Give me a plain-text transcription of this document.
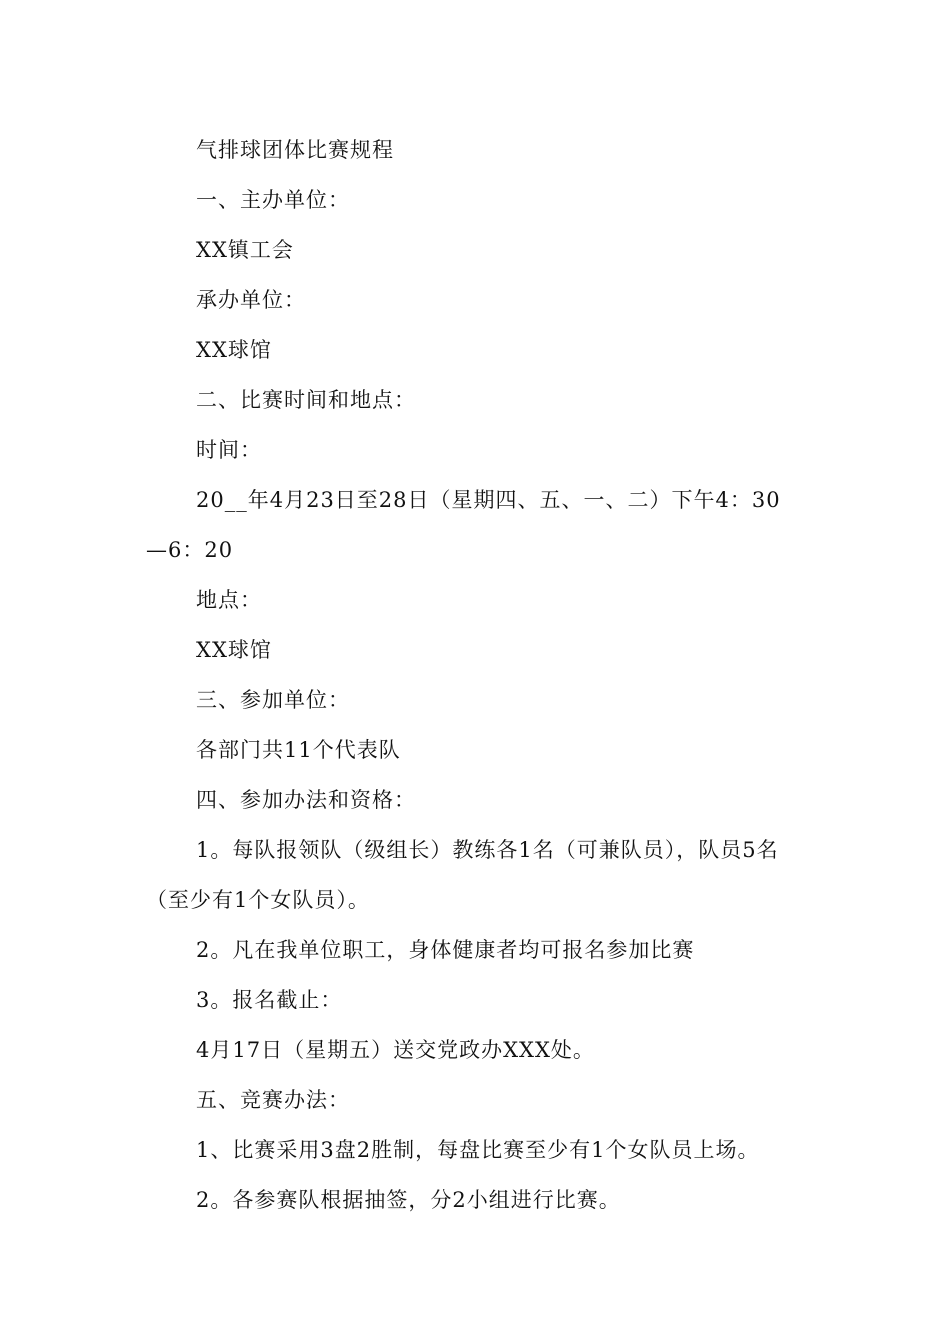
气排球团体比赛规程
一、主办单位：
XX镇工会
承办单位：
XX球馆
二、比赛时间和地点：
时间：
20__年4月23日至28日（星期四、五、一、二）下午4：30
—6：20
地点：
XX球馆
三、参加单位：
各部门共11个代表队
四、参加办法和资格：
1。每队报领队（级组长）教练各1名（可兼队员），队员5名
（至少有1个女队员）。
2。凡在我单位职工，身体健康者均可报名参加比赛
3。报名截止：
4月17日（星期五）送交党政办XXX处。
五、竞赛办法：
1、比赛采用3盘2胜制，每盘比赛至少有1个女队员上场。
2。各参赛队根据抽签，分2小组进行比赛。
